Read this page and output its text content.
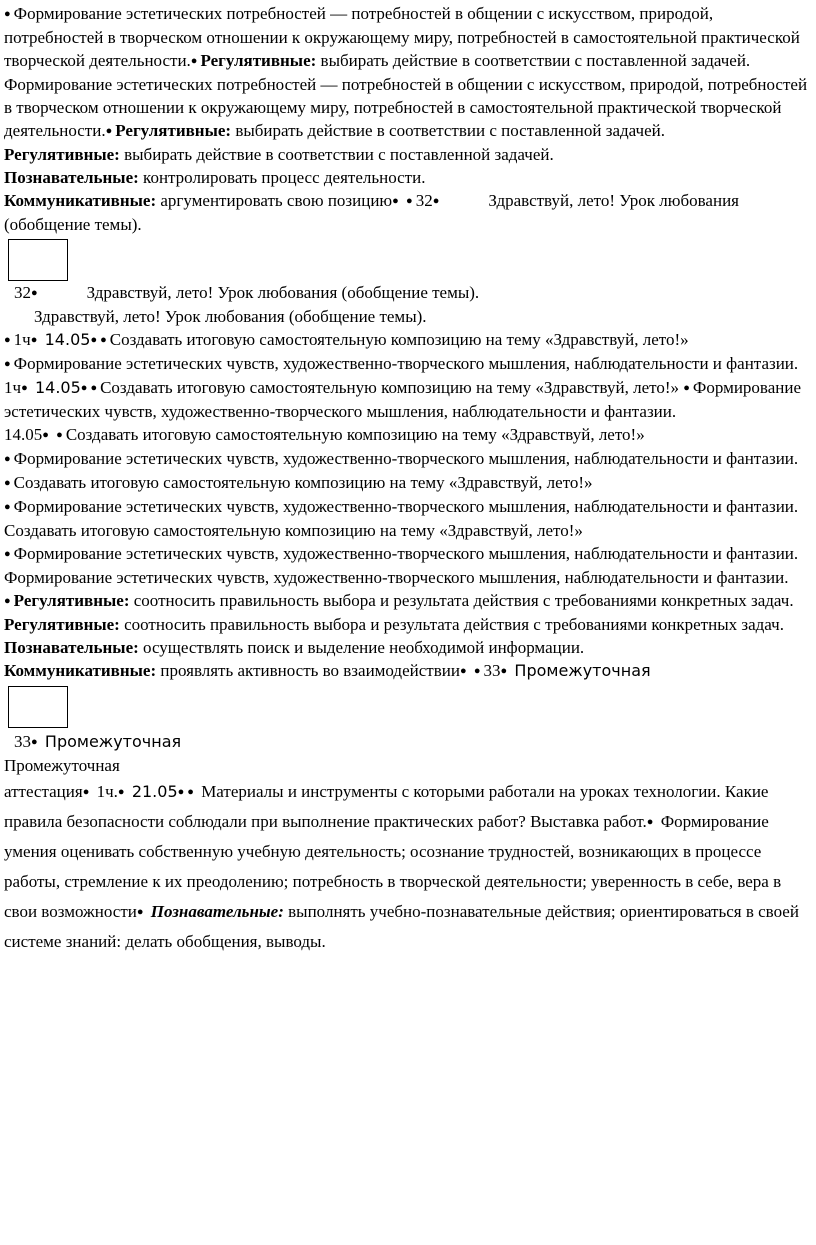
● Формирование эстетических потребностей — потребностей в общении с искусством, природой, потребностей в творческом отношении к окружающему миру, потребностей в самостоятельной практической творческой деятельности. ● Регулятивные: выбирать действие в соответствии с поставленной задачей.

Формирование эстетических потребностей — потребностей в общении с искусством, природой, потребностей в творческом отношении к окружающему миру, потребностей в самостоятельной практической творческой деятельности. ● Регулятивные: выбирать действие в соответствии с поставленной задачей.

Регулятивные: выбирать действие в соответствии с поставленной задачей.

Познавательные: контролировать процесс деятельности.

Коммуникативные: аргументировать свою позицию ● ● 32 ●	Здравствуй, лето! Урок любования (обобщение темы).

32 ●	Здравствуй, лето! Урок любования (обобщение темы).

Здравствуй, лето! Урок любования (обобщение темы).

● 1ч ● 14.05 ● ● Создавать итоговую самостоятельную композицию на тему «Здравствуй, лето!» ● Формирование эстетических чувств, художественно-творческого мышления, наблюдательности и фантазии.

1ч ● 14.05 ● ● Создавать итоговую самостоятельную композицию на тему «Здравствуй, лето!» ● Формирование эстетических чувств, художественно-творческого мышления, наблюдательности и фантазии.

14.05 ● ● Создавать итоговую самостоятельную композицию на тему «Здравствуй, лето!»
● Формирование эстетических чувств, художественно-творческого мышления, наблюдательности и фантазии.

● Создавать итоговую самостоятельную композицию на тему «Здравствуй, лето!»
● Формирование эстетических чувств, художественно-творческого мышления, наблюдательности и фантазии.

Создавать итоговую самостоятельную композицию на тему «Здравствуй, лето!»
● Формирование эстетических чувств, художественно-творческого мышления, наблюдательности и фантазии.

Формирование эстетических чувств, художественно-творческого мышления, наблюдательности и фантазии.

● Регулятивные: соотносить правильность выбора и результата действия с требованиями конкретных задач.

Регулятивные: соотносить правильность выбора и результата действия с требованиями конкретных задач.

Познавательные: осуществлять поиск и выделение необходимой информации.

Коммуникативные: проявлять активность во взаимодействии ● ● 33 ● Промежуточная

33 ● Промежуточная

Промежуточная

аттестация ● 1ч. ● 21.05 ● ● Материалы и инструменты с которыми работали на уроках технологии. Какие правила безопасности соблюдали при выполнение практических работ? Выставка работ.● Формирование умения оценивать собственную учебную деятельность; осознание трудностей, возникающих в процессе работы, стремление к их преодолению; потребность в творческой деятельности; уверенность в себе, вера в свои возможности ● Познавательные: выполнять учебно-познавательные действия; ориентироваться в своей системе знаний: делать обобщения, выводы.
